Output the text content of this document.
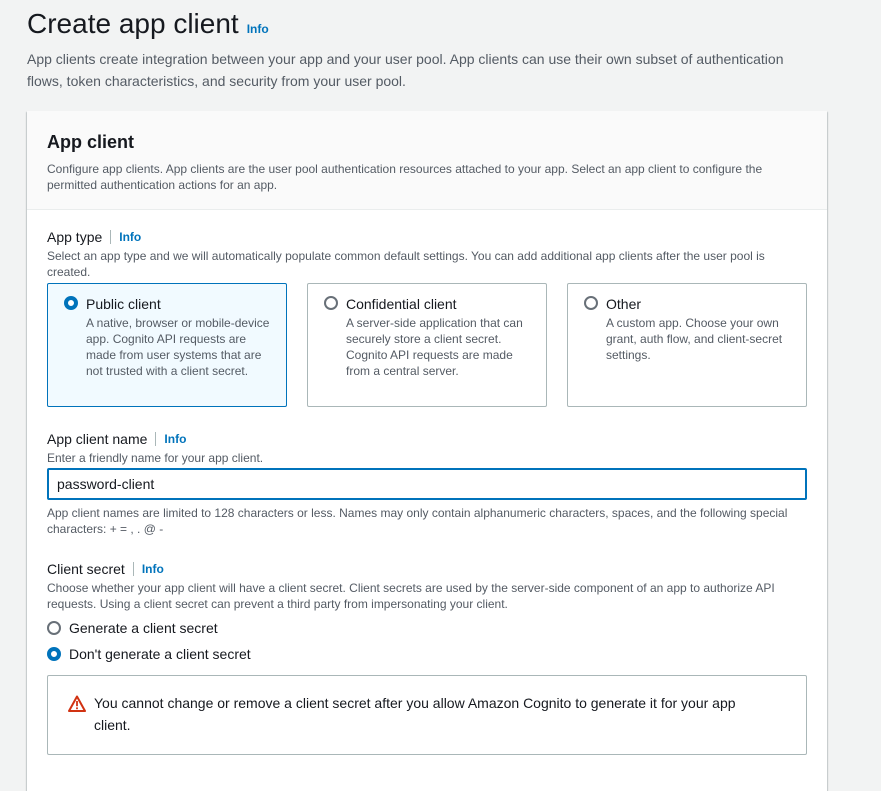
Create app client Info
App clients create integration between your app and your user pool. App clients can use their own subset of authentication flows, token characteristics, and security from your user pool.
App client
Configure app clients. App clients are the user pool authentication resources attached to your app. Select an app client to configure the permitted authentication actions for an app.
App type Info
Select an app type and we will automatically populate common default settings. You can add additional app clients after the user pool is created.
Public client
A native, browser or mobile-device app. Cognito API requests are made from user systems that are not trusted with a client secret.
Confidential client
A server-side application that can securely store a client secret. Cognito API requests are made from a central server.
Other
A custom app. Choose your own grant, auth flow, and client-secret settings.
App client name Info
Enter a friendly name for your app client.
password-client
App client names are limited to 128 characters or less. Names may only contain alphanumeric characters, spaces, and the following special characters: + = , . @ -
Client secret Info
Choose whether your app client will have a client secret. Client secrets are used by the server-side component of an app to authorize API requests. Using a client secret can prevent a third party from impersonating your client.
Generate a client secret
Don't generate a client secret
You cannot change or remove a client secret after you allow Amazon Cognito to generate it for your app client.
